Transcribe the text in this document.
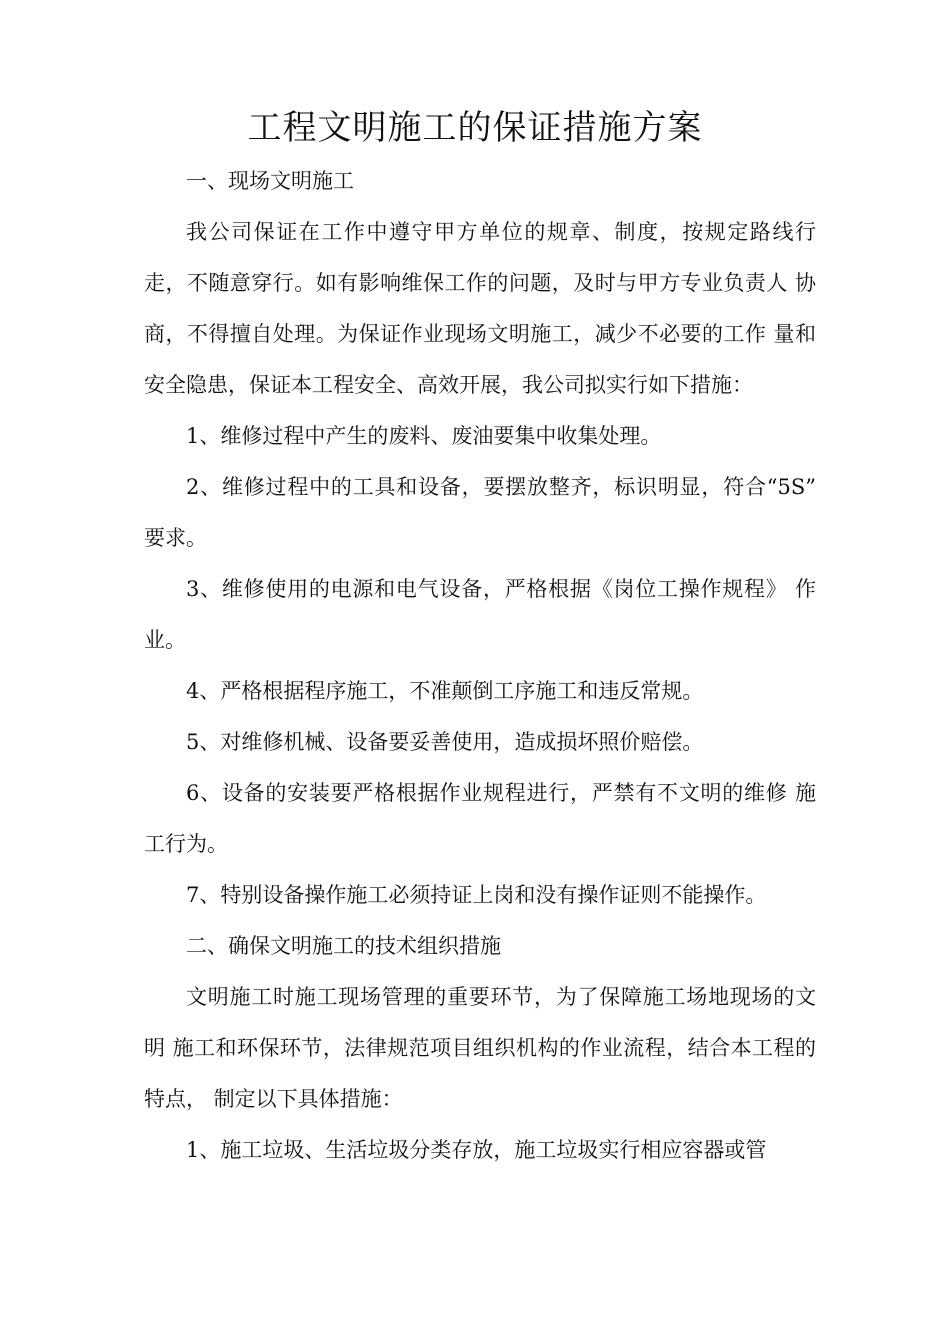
工程文明施工的保证措施方案
一、现场文明施工
我公司保证在工作中遵守甲方单位的规章、制度，按规定路线行
走，不随意穿行。如有影响维保工作的问题，及时与甲方专业负责人 协
商，不得擅自处理。为保证作业现场文明施工，减少不必要的工作 量和
安全隐患，保证本工程安全、高效开展，我公司拟实行如下措施：
1、维修过程中产生的废料、废油要集中收集处理。
2、维修过程中的工具和设备，要摆放整齐，标识明显，符合“5S”
要求。
3、维修使用的电源和电气设备，严格根据《岗位工操作规程》 作
业。
4、严格根据程序施工，不准颠倒工序施工和违反常规。
5、对维修机械、设备要妥善使用，造成损坏照价赔偿。
6、设备的安装要严格根据作业规程进行，严禁有不文明的维修 施
工行为。
7、特别设备操作施工必须持证上岗和没有操作证则不能操作。
二、确保文明施工的技术组织措施
文明施工时施工现场管理的重要环节，为了保障施工场地现场的文
明 施工和环保环节，法律规范项目组织机构的作业流程，结合本工程的
特点， 制定以下具体措施：
1、施工垃圾、生活垃圾分类存放，施工垃圾实行相应容器或管
